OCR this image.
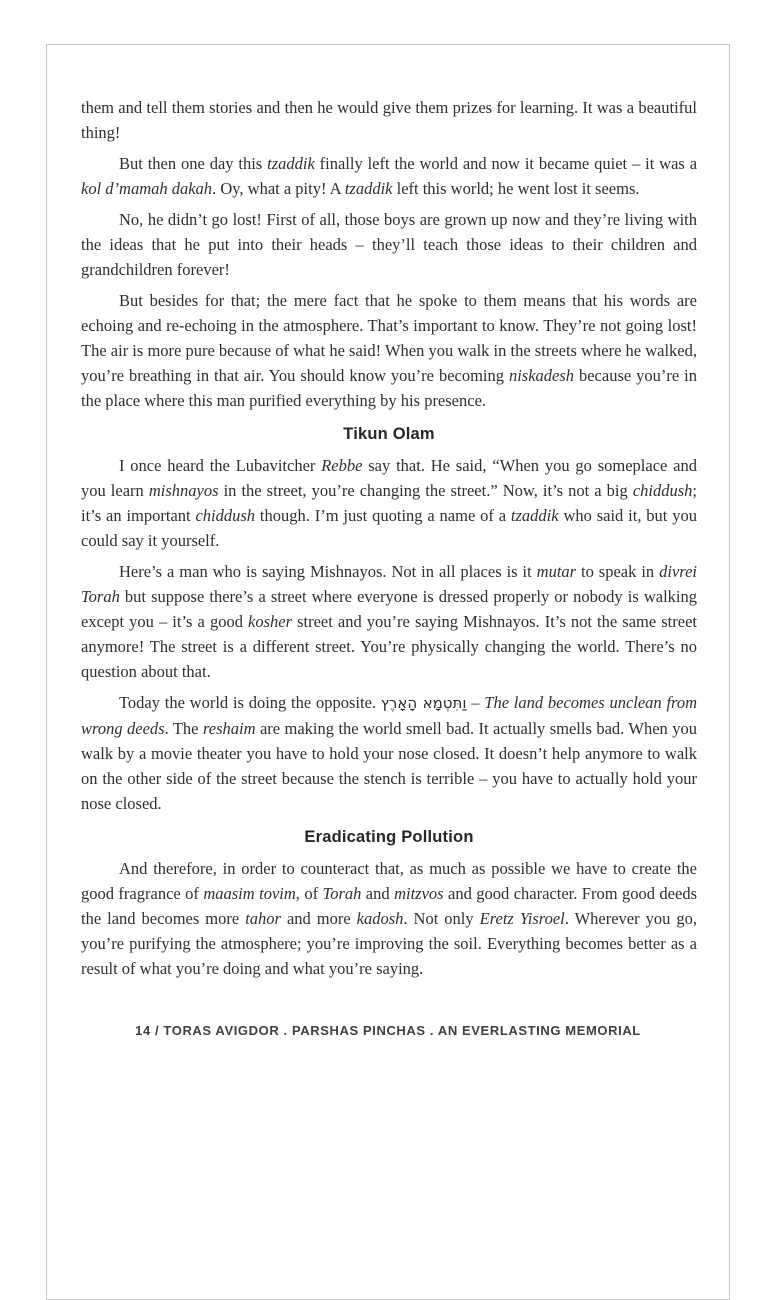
them and tell them stories and then he would give them prizes for learning. It was a beautiful thing!

But then one day this tzaddik finally left the world and now it became quiet – it was a kol d’mamah dakah. Oy, what a pity! A tzaddik left this world; he went lost it seems.

No, he didn’t go lost! First of all, those boys are grown up now and they’re living with the ideas that he put into their heads – they’ll teach those ideas to their children and grandchildren forever!

But besides for that; the mere fact that he spoke to them means that his words are echoing and re-echoing in the atmosphere. That’s important to know. They’re not going lost! The air is more pure because of what he said! When you walk in the streets where he walked, you’re breathing in that air. You should know you’re becoming niskadesh because you’re in the place where this man purified everything by his presence.

Tikun Olam

I once heard the Lubavitcher Rebbe say that. He said, “When you go someplace and you learn mishnayos in the street, you’re changing the street.” Now, it’s not a big chiddush; it’s an important chiddush though. I’m just quoting a name of a tzaddik who said it, but you could say it yourself.

Here’s a man who is saying Mishnayos. Not in all places is it mutar to speak in divrei Torah but suppose there’s a street where everyone is dressed properly or nobody is walking except you – it’s a good kosher street and you’re saying Mishnayos. It’s not the same street anymore! The street is a different street. You’re physically changing the world. There’s no question about that.

Today the world is doing the opposite. וַתִּטְמָא הָאָרֶץ – The land becomes unclean from wrong deeds. The reshaim are making the world smell bad. It actually smells bad. When you walk by a movie theater you have to hold your nose closed. It doesn’t help anymore to walk on the other side of the street because the stench is terrible – you have to actually hold your nose closed.

Eradicating Pollution

And therefore, in order to counteract that, as much as possible we have to create the good fragrance of maasim tovim, of Torah and mitzvos and good character. From good deeds the land becomes more tahor and more kadosh. Not only Eretz Yisroel. Wherever you go, you’re purifying the atmosphere; you’re improving the soil. Everything becomes better as a result of what you’re doing and what you’re saying.

14 / TORAS AVIGDOR . PARSHAS PINCHAS . AN EVERLASTING MEMORIAL
